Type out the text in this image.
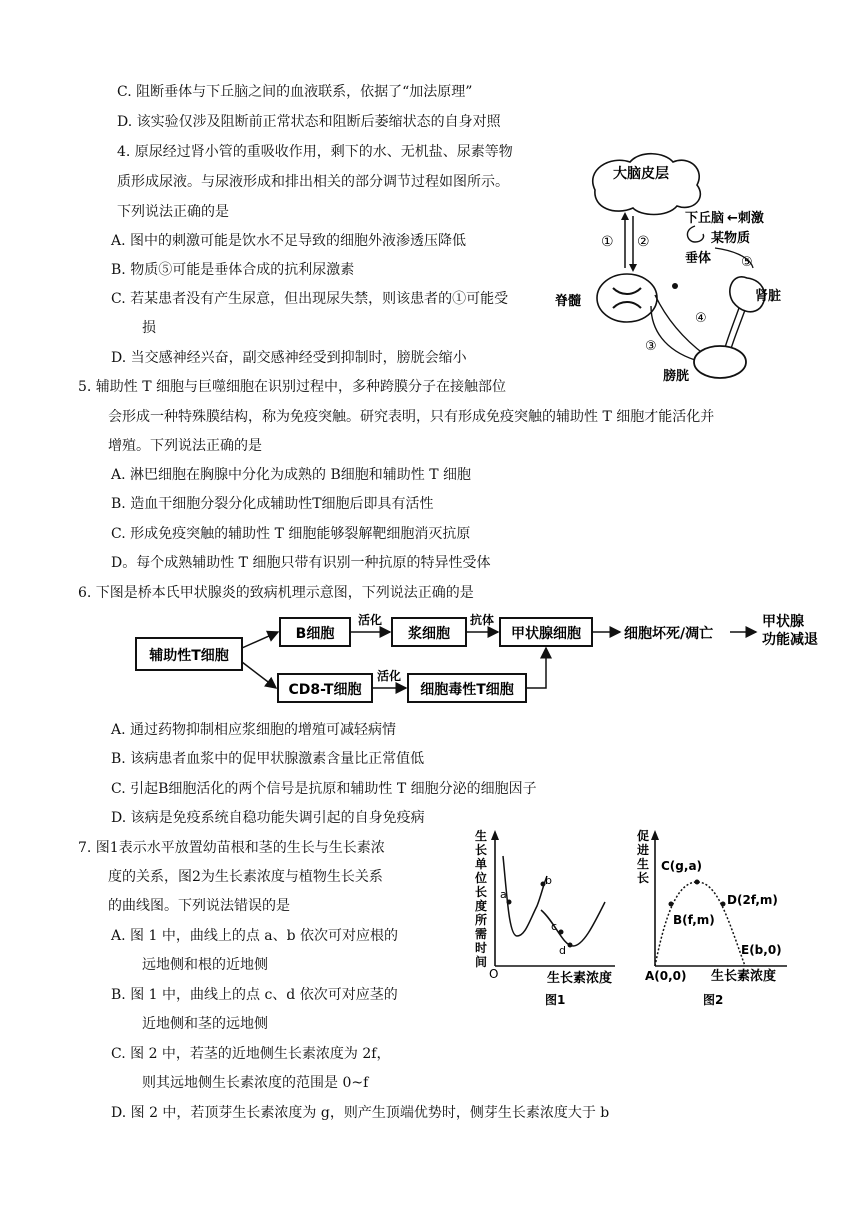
C. 阻断垂体与下丘脑之间的血液联系，依据了“加法原理”
D. 该实验仅涉及阻断前正常状态和阻断后萎缩状态的自身对照
4. 原尿经过肾小管的重吸收作用，剩下的水、无机盐、尿素等物
质形成尿液。与尿液形成和排出相关的部分调节过程如图所示。
下列说法正确的是
A. 图中的刺激可能是饮水不足导致的细胞外液渗透压降低
B. 物质⑤可能是垂体合成的抗利尿激素
C. 若某患者没有产生尿意，但出现尿失禁，则该患者的①可能受
损
D. 当交感神经兴奋，副交感神经受到抑制时，膀胱会缩小
5. 辅助性 T 细胞与巨噬细胞在识别过程中，多种跨膜分子在接触部位
会形成一种特殊膜结构，称为免疫突触。研究表明，只有形成免疫突触的辅助性 T 细胞才能活化并
增殖。下列说法正确的是
A. 淋巴细胞在胸腺中分化为成熟的 B细胞和辅助性 T 细胞
B. 造血干细胞分裂分化成辅助性T细胞后即具有活性
C. 形成免疫突触的辅助性 T 细胞能够裂解靶细胞消灭抗原
D。每个成熟辅助性 T 细胞只带有识别一种抗原的特异性受体
6. 下图是桥本氏甲状腺炎的致病机理示意图，下列说法正确的是
A. 通过药物抑制相应浆细胞的增殖可减轻病情
B. 该病患者血浆中的促甲状腺激素含量比正常值低
C. 引起B细胞活化的两个信号是抗原和辅助性 T 细胞分泌的细胞因子
D. 该病是免疫系统自稳功能失调引起的自身免疫病
7. 图1表示水平放置幼苗根和茎的生长与生长素浓
度的关系，图2为生长素浓度与植物生长关系
的曲线图。下列说法错误的是
A. 图 1 中，曲线上的点 a、b 依次可对应根的
远地侧和根的近地侧
B. 图 1 中，曲线上的点 c、d 依次可对应茎的
近地侧和茎的远地侧
C. 图 2 中，若茎的近地侧生长素浓度为 2f，
则其远地侧生长素浓度的范围是 0~f
D. 图 2 中，若顶芽生长素浓度为 g，则产生顶端优势时，侧芽生长素浓度大于 b
大脑皮层
① ②
下丘脑 ←刺激
某物质
垂体 ⑤
肾脏
脊髓
④
③
膀胱
辅助性T细胞
B细胞	浆细胞	甲状腺细胞
CD8-T细胞	细胞毒性T细胞
活化	抗体
活化
细胞坏死/凋亡
甲状腺
功能减退
生
长
单
位
长
度
所
需
时
间
O	生长素浓度
图1
a
b
c
d
促
进
生
长
C(g,a)
D(2f,m)
B(f,m)
E(b,0)
A(0,0) 生长素浓度
图2
